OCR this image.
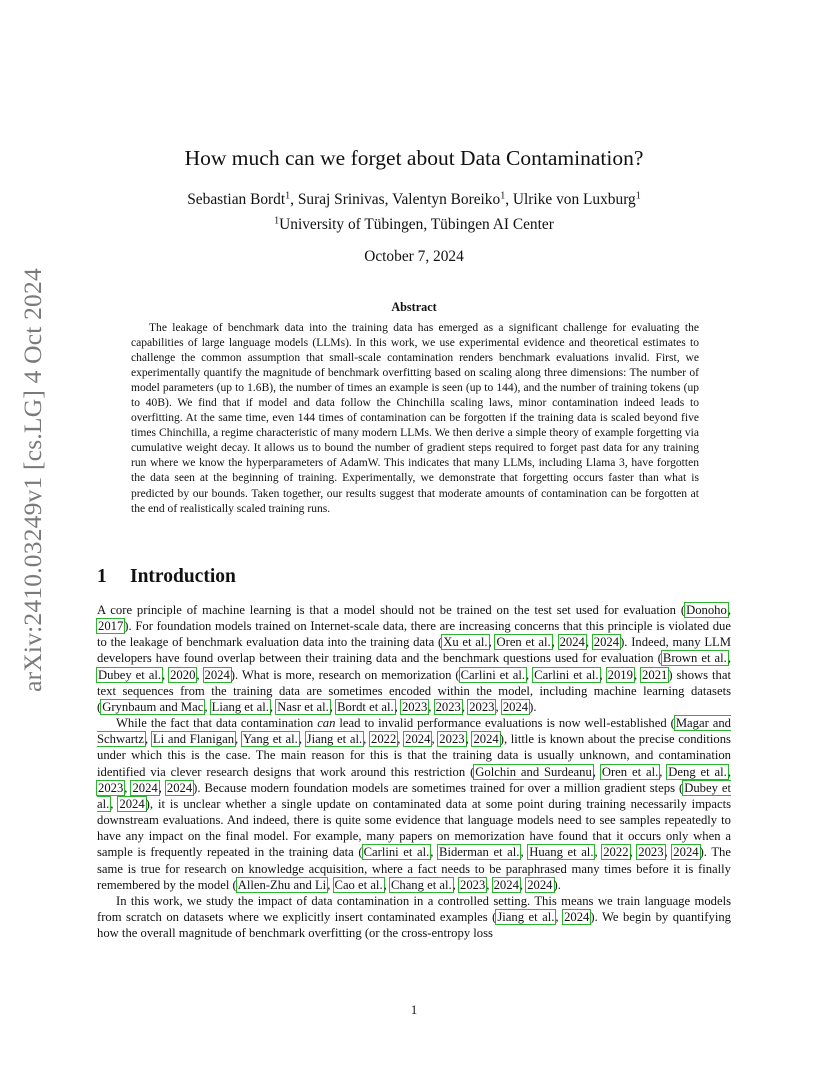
arXiv:2410.03249v1 [cs.LG] 4 Oct 2024
How much can we forget about Data Contamination?
Sebastian Bordt$^1$, Suraj Srinivas, Valentyn Boreiko$^1$, Ulrike von Luxburg$^1$
$^1$University of Tübingen, Tübingen AI Center
October 7, 2024
Abstract

The leakage of benchmark data into the training data has emerged as a significant challenge for evaluating the capabilities of large language models (LLMs). In this work, we use experimental evidence and theoretical estimates to challenge the common assumption that small-scale contamination renders benchmark evaluations invalid. First, we experimentally quantify the magnitude of benchmark overfitting based on scaling along three dimensions: The number of model parameters (up to 1.6B), the number of times an example is seen (up to 144), and the number of training tokens (up to 40B). We find that if model and data follow the Chinchilla scaling laws, minor contamination indeed leads to overfitting. At the same time, even 144 times of contamination can be forgotten if the training data is scaled beyond five times Chinchilla, a regime characteristic of many modern LLMs. We then derive a simple theory of example forgetting via cumulative weight decay. It allows us to bound the number of gradient steps required to forget past data for any training run where we know the hyperparameters of AdamW. This indicates that many LLMs, including Llama 3, have forgotten the data seen at the beginning of training. Experimentally, we demonstrate that forgetting occurs faster than what is predicted by our bounds. Taken together, our results suggest that moderate amounts of contamination can be forgotten at the end of realistically scaled training runs.

1 Introduction

A core principle of machine learning is that a model should not be trained on the test set used for evaluation (Donoho, 2017). For foundation models trained on Internet-scale data, there are increasing concerns that this principle is violated due to the leakage of benchmark evaluation data into the training data (Xu et al., Oren et al., 2024, 2024). Indeed, many LLM developers have found overlap between their training data and the benchmark questions used for evaluation (Brown et al., Dubey et al., 2020, 2024). What is more, research on memorization (Carlini et al., Carlini et al., 2019, 2021) shows that text sequences from the training data are sometimes encoded within the model, including machine learning datasets (Grynbaum and Mac, Liang et al., Nasr et al., Bordt et al., 2023, 2023, 2023, 2024).

While the fact that data contamination can lead to invalid performance evaluations is now well-established (Magar and Schwartz, Li and Flanigan, Yang et al., Jiang et al., 2022, 2024, 2023, 2024), little is known about the precise conditions under which this is the case. The main reason for this is that the training data is usually unknown, and contamination identified via clever research designs that work around this restriction (Golchin and Surdeanu, Oren et al., Deng et al., 2023, 2024, 2024). Because modern foundation models are sometimes trained for over a million gradient steps (Dubey et al., 2024), it is unclear whether a single update on contaminated data at some point during training necessarily impacts downstream evaluations. And indeed, there is quite some evidence that language models need to see samples repeatedly to have any impact on the final model. For example, many papers on memorization have found that it occurs only when a sample is frequently repeated in the training data (Carlini et al., Biderman et al., Huang et al., 2022, 2023, 2024). The same is true for research on knowledge acquisition, where a fact needs to be paraphrased many times before it is finally remembered by the model (Allen-Zhu and Li, Cao et al., Chang et al., 2023, 2024, 2024).

In this work, we study the impact of data contamination in a controlled setting. This means we train language models from scratch on datasets where we explicitly insert contaminated examples (Jiang et al., 2024). We begin by quantifying how the overall magnitude of benchmark overfitting (or the cross-entropy loss

1
